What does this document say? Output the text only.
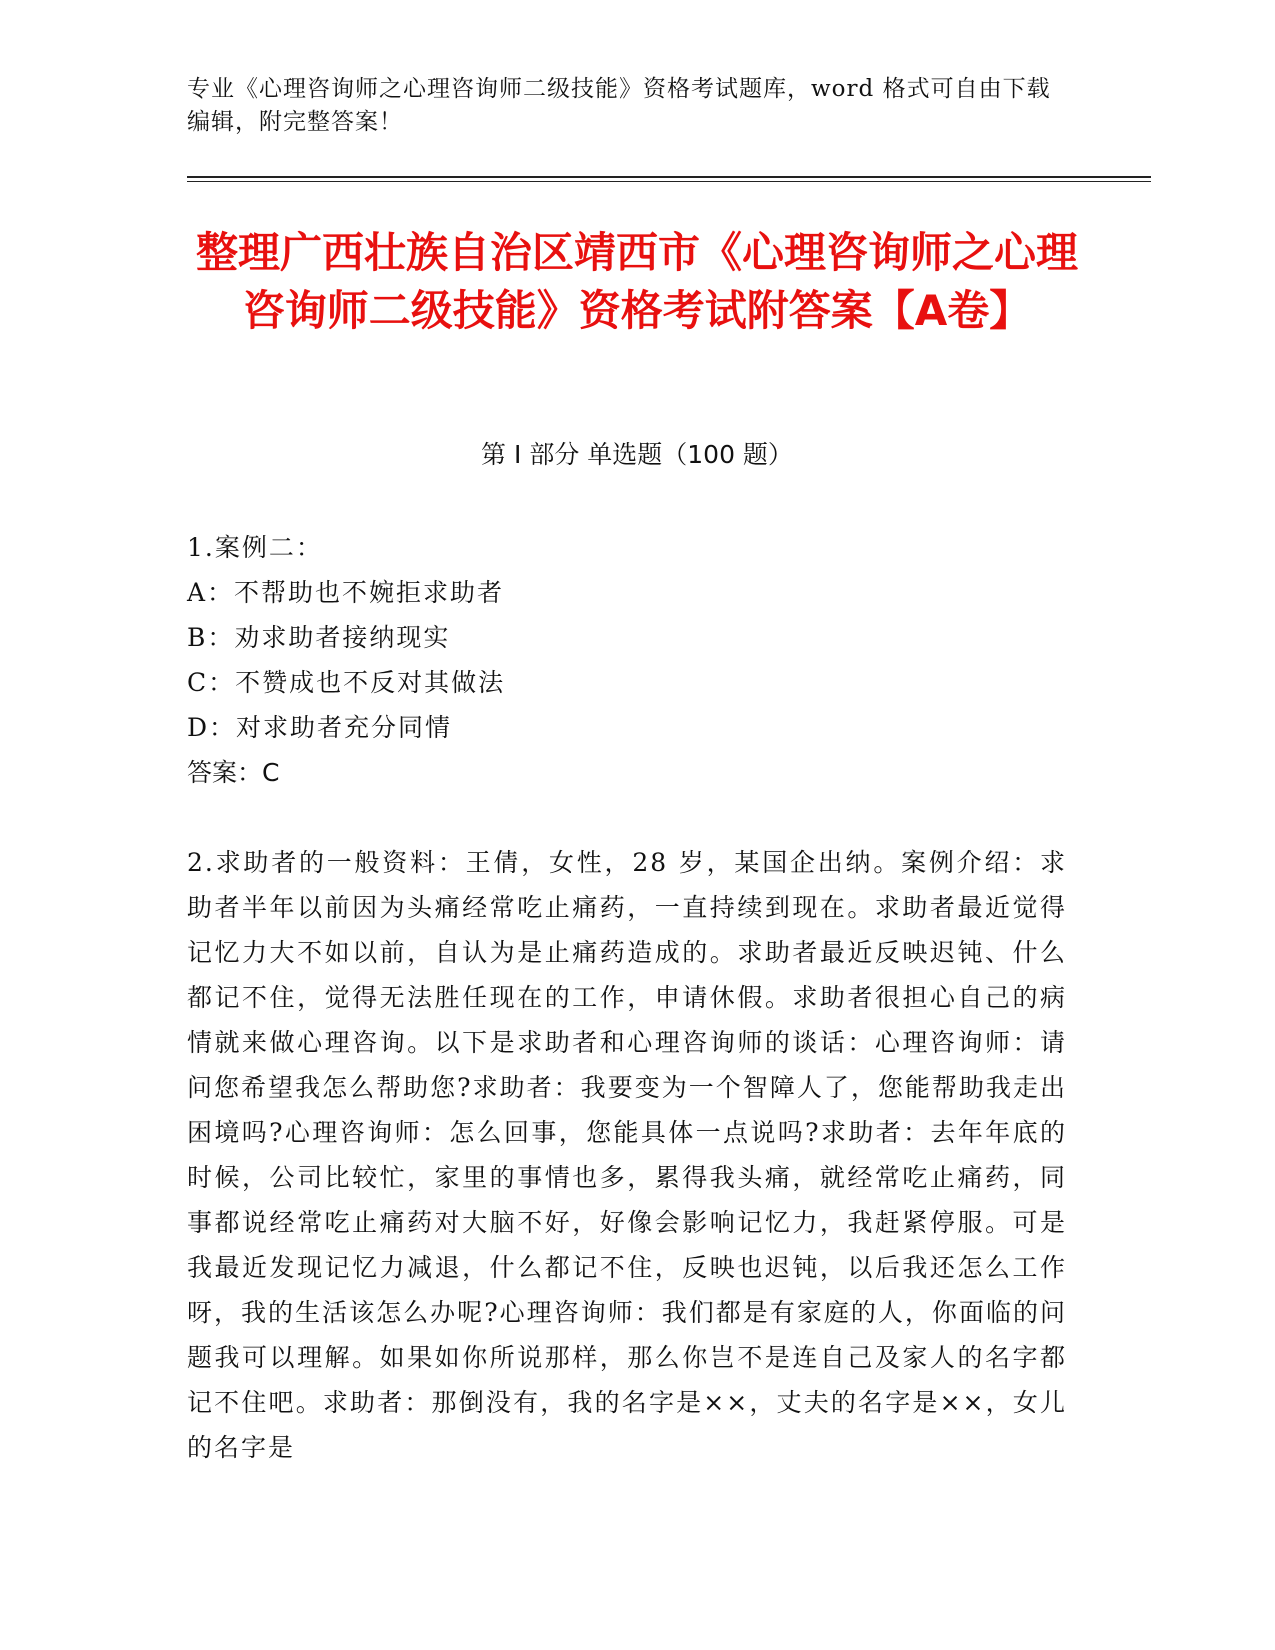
专业《心理咨询师之心理咨询师二级技能》资格考试题库，word 格式可自由下载编辑，附完整答案！
整理广西壮族自治区靖西市《心理咨询师之心理咨询师二级技能》资格考试附答案【A卷】
第 I 部分 单选题（100 题）
1.案例二：
A：不帮助也不婉拒求助者
B：劝求助者接纳现实
C：不赞成也不反对其做法
D：对求助者充分同情
答案：C
2.求助者的一般资料：王倩，女性，28 岁，某国企出纳。案例介绍：求助者半年以前因为头痛经常吃止痛药，一直持续到现在。求助者最近觉得记忆力大不如以前，自认为是止痛药造成的。求助者最近反映迟钝、什么都记不住，觉得无法胜任现在的工作，申请休假。求助者很担心自己的病情就来做心理咨询。以下是求助者和心理咨询师的谈话：心理咨询师：请问您希望我怎么帮助您?求助者：我要变为一个智障人了，您能帮助我走出困境吗?心理咨询师：怎么回事，您能具体一点说吗?求助者：去年年底的时候，公司比较忙，家里的事情也多，累得我头痛，就经常吃止痛药，同事都说经常吃止痛药对大脑不好，好像会影响记忆力，我赶紧停服。可是我最近发现记忆力减退，什么都记不住，反映也迟钝，以后我还怎么工作呀，我的生活该怎么办呢?心理咨询师：我们都是有家庭的人，你面临的问题我可以理解。如果如你所说那样，那么你岂不是连自己及家人的名字都记不住吧。求助者：那倒没有，我的名字是××，丈夫的名字是××，女儿的名字是
